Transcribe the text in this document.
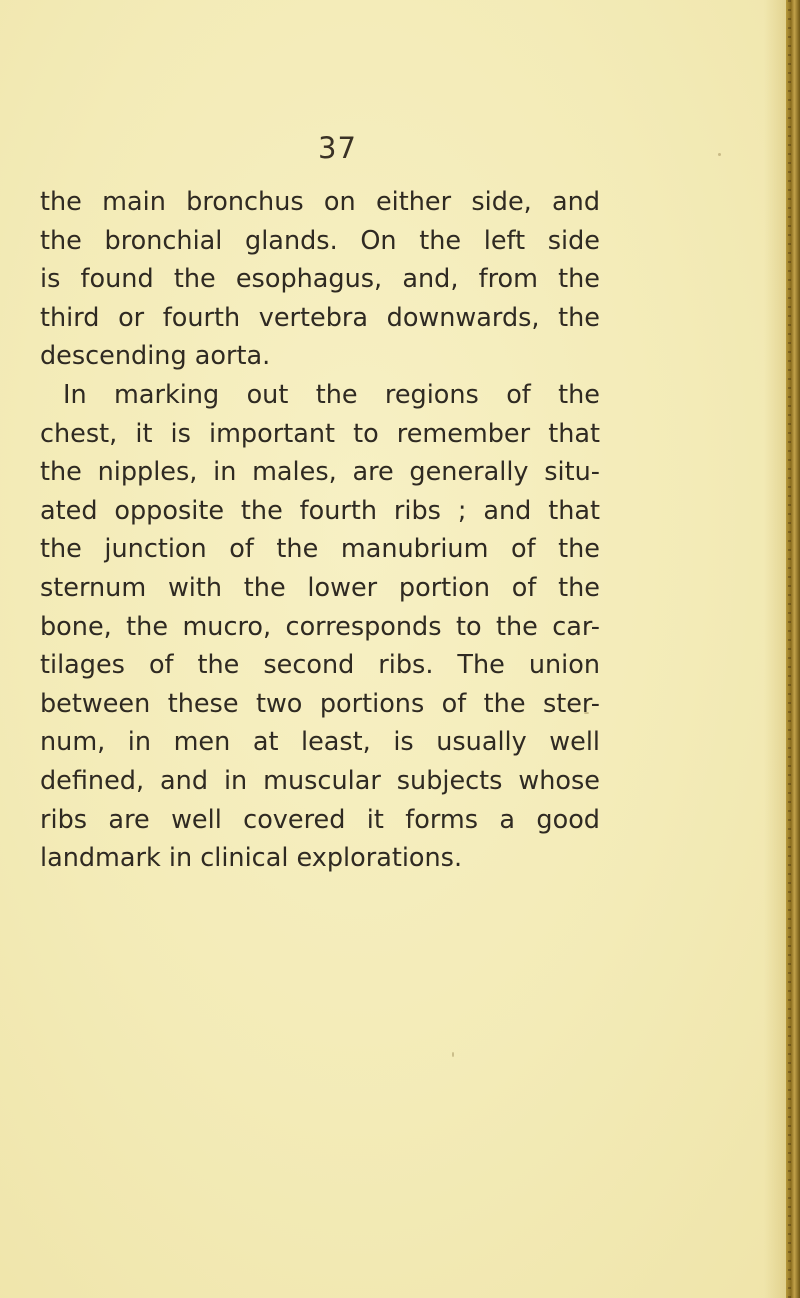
37
the main bronchus on either side, and
the bronchial glands. On the left side
is found the esophagus, and, from the
third or fourth vertebra downwards, the
descending aorta.
In marking out the regions of the
chest, it is important to remember that
the nipples, in males, are generally situ-
ated opposite the fourth ribs ; and that
the junction of the manubrium of the
sternum with the lower portion of the
bone, the mucro, corresponds to the car-
tilages of the second ribs. The union
between these two portions of the ster-
num, in men at least, is usually well
defined, and in muscular subjects whose
ribs are well covered it forms a good
landmark in clinical explorations.
